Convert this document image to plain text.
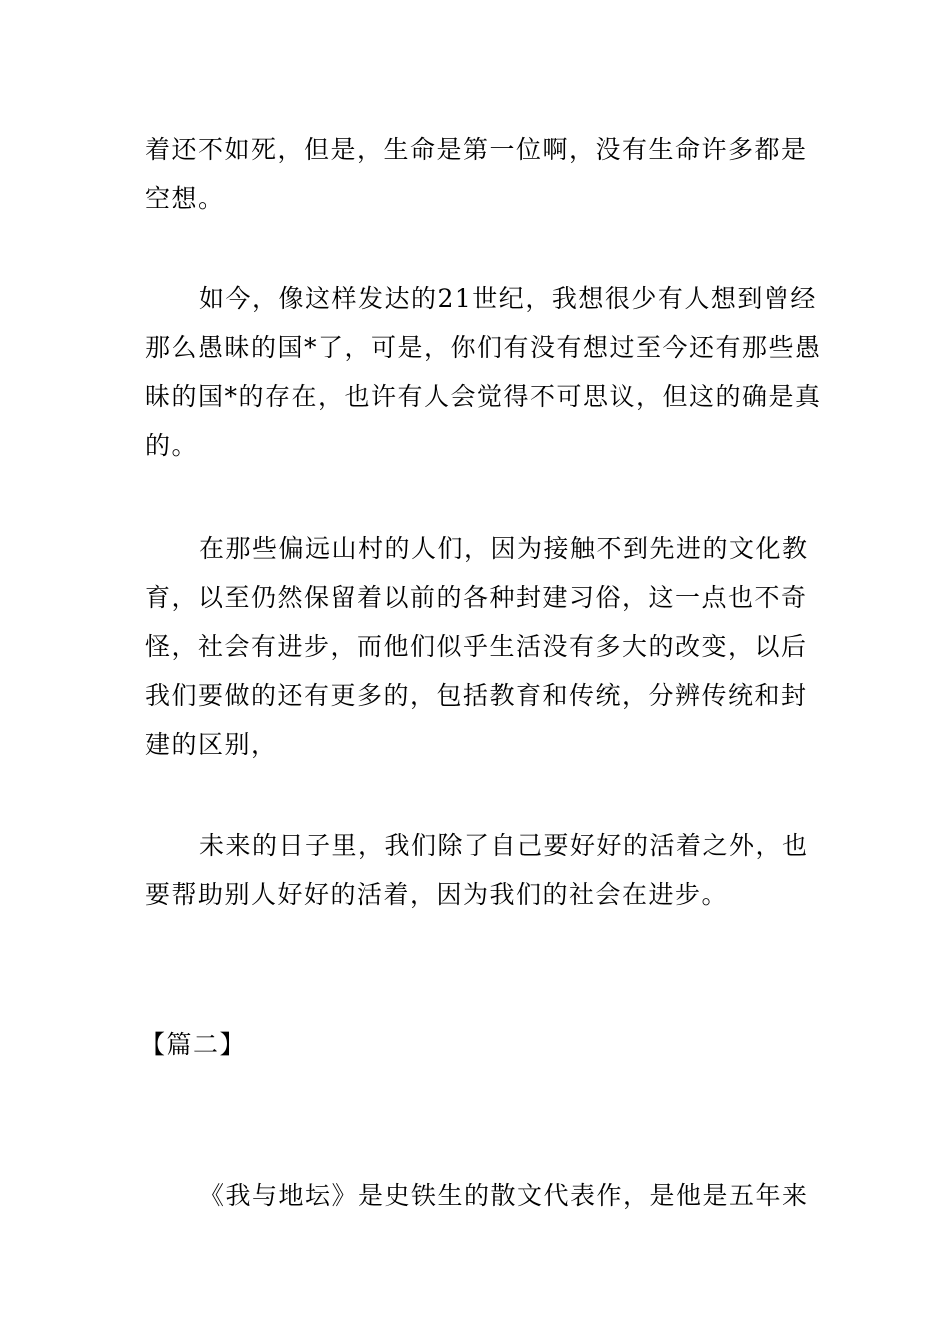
着还不如死，但是，生命是第一位啊，没有生命许多都是
空想。

如今，像这样发达的21世纪，我想很少有人想到曾经
那么愚昧的国*了，可是，你们有没有想过至今还有那些愚
昧的国*的存在，也许有人会觉得不可思议，但这的确是真
的。

在那些偏远山村的人们，因为接触不到先进的文化教
育，以至仍然保留着以前的各种封建习俗，这一点也不奇
怪，社会有进步，而他们似乎生活没有多大的改变，以后
我们要做的还有更多的，包括教育和传统，分辨传统和封
建的区别，

未来的日子里，我们除了自己要好好的活着之外，也
要帮助别人好好的活着，因为我们的社会在进步。

【篇二】

《我与地坛》是史铁生的散文代表作，是他是五年来
